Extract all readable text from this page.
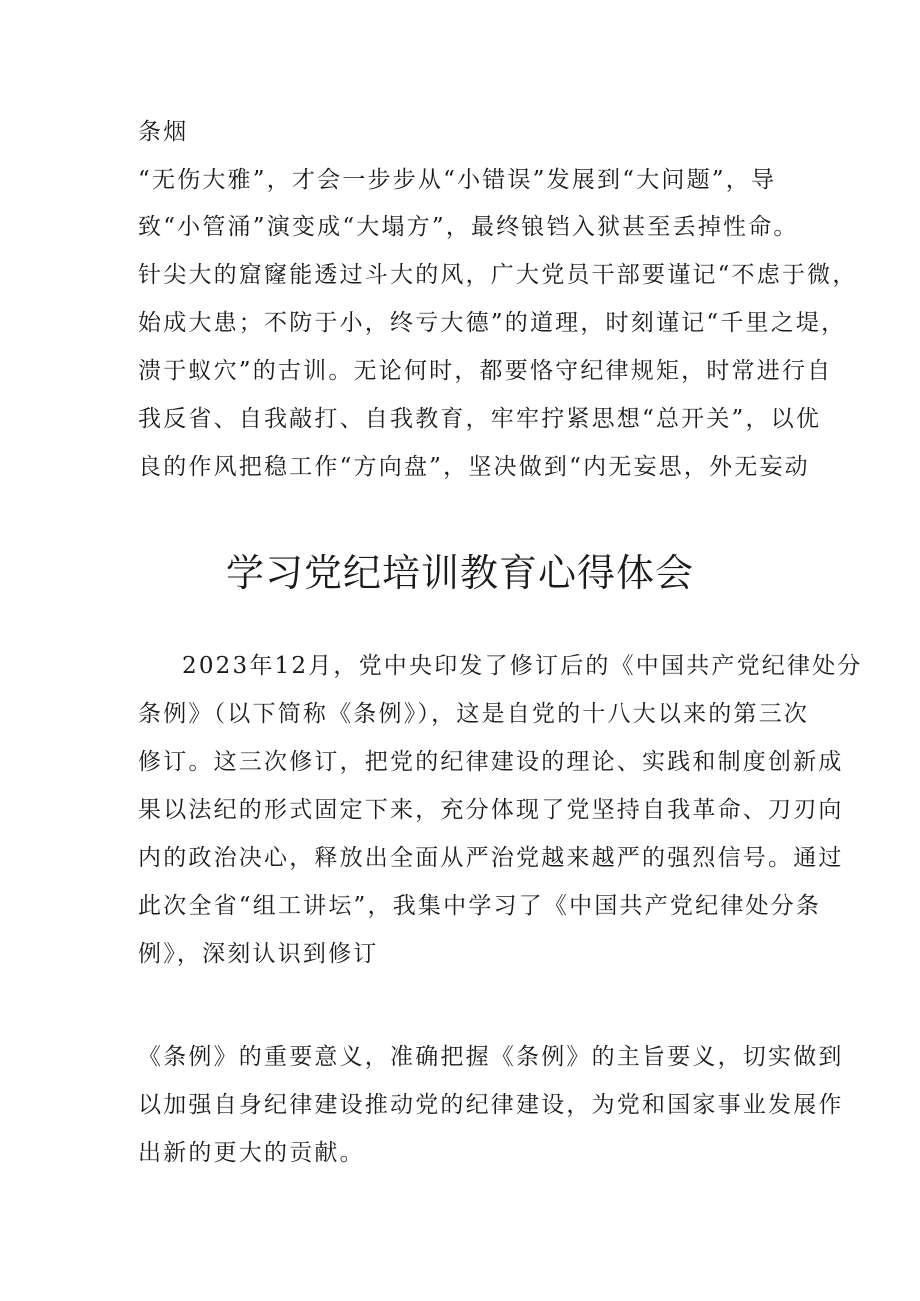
条烟
“无伤大雅”，才会一步步从“小错误”发展到“大问题”，导
致“小管涌”演变成“大塌方”，最终锒铛入狱甚至丢掉性命。
针尖大的窟窿能透过斗大的风，广大党员干部要谨记“不虑于微，
始成大患；不防于小，终亏大德”的道理，时刻谨记“千里之堤，
溃于蚁穴”的古训。无论何时，都要恪守纪律规矩，时常进行自
我反省、自我敲打、自我教育，牢牢拧紧思想“总开关”，以优
良的作风把稳工作“方向盘”，坚决做到“内无妄思，外无妄动
学习党纪培训教育心得体会
2023年12月，党中央印发了修订后的《中国共产党纪律处分
条例》（以下简称《条例》），这是自党的十八大以来的第三次
修订。这三次修订，把党的纪律建设的理论、实践和制度创新成
果以法纪的形式固定下来，充分体现了党坚持自我革命、刀刃向
内的政治决心，释放出全面从严治党越来越严的强烈信号。通过
此次全省“组工讲坛”，我集中学习了《中国共产党纪律处分条
例》，深刻认识到修订
《条例》的重要意义，准确把握《条例》的主旨要义，切实做到
以加强自身纪律建设推动党的纪律建设，为党和国家事业发展作
出新的更大的贡献。
